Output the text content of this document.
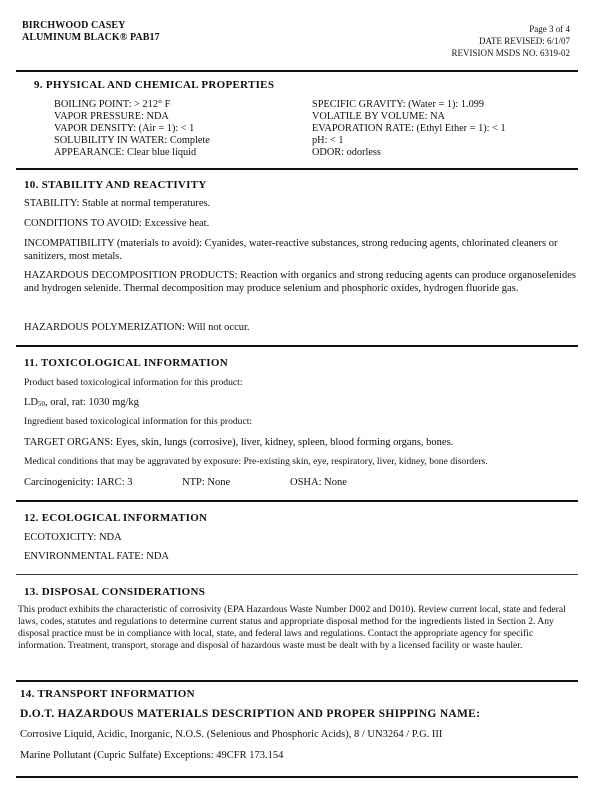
BIRCHWOOD CASEY
ALUMINUM BLACK® PAB17
Page 3 of 4
DATE REVISED: 6/1/07
REVISION MSDS NO. 6319-02
9. PHYSICAL AND CHEMICAL PROPERTIES
BOILING POINT: > 212° F
VAPOR PRESSURE: NDA
VAPOR DENSITY: (Air = 1): < 1
SOLUBILITY IN WATER: Complete
APPEARANCE: Clear blue liquid
SPECIFIC GRAVITY: (Water = 1): 1.099
VOLATILE BY VOLUME: NA
EVAPORATION RATE: (Ethyl Ether = 1): < 1
pH: < 1
ODOR: odorless
10. STABILITY AND REACTIVITY
STABILITY: Stable at normal temperatures.
CONDITIONS TO AVOID: Excessive heat.
INCOMPATIBILITY (materials to avoid): Cyanides, water-reactive substances, strong reducing agents, chlorinated cleaners or sanitizers, most metals.
HAZARDOUS DECOMPOSITION PRODUCTS: Reaction with organics and strong reducing agents can produce organoselenides and hydrogen selenide. Thermal decomposition may produce selenium and phosphoric oxides, hydrogen fluoride gas.
HAZARDOUS POLYMERIZATION: Will not occur.
11. TOXICOLOGICAL INFORMATION
Product based toxicological information for this product:
$LD_{50}$, oral, rat: 1030 mg/kg
Ingredient based toxicological information for this product:
TARGET ORGANS: Eyes, skin, lungs (corrosive), liver, kidney, spleen, blood forming organs, bones.
Medical conditions that may be aggravated by exposure: Pre-existing skin, eye, respiratory, liver, kidney, bone disorders.
Carcinogenicity: IARC: 3	NTP: None	OSHA: None
12. ECOLOGICAL INFORMATION
ECOTOXICITY: NDA
ENVIRONMENTAL FATE: NDA
13. DISPOSAL CONSIDERATIONS
This product exhibits the characteristic of corrosivity (EPA Hazardous Waste Number D002 and D010). Review current local, state and federal laws, codes, statutes and regulations to determine current status and appropriate disposal method for the ingredients listed in Section 2. Any disposal practice must be in compliance with local, state, and federal laws and regulations. Contact the appropriate agency for specific information. Treatment, transport, storage and disposal of hazardous waste must be dealt with by a licensed facility or waste hauler.
14. TRANSPORT INFORMATION
D.O.T. HAZARDOUS MATERIALS DESCRIPTION AND PROPER SHIPPING NAME:
Corrosive Liquid, Acidic, Inorganic, N.O.S. (Selenious and Phosphoric Acids), 8 / UN3264 / P.G. III
Marine Pollutant (Cupric Sulfate) Exceptions: 49CFR 173.154
